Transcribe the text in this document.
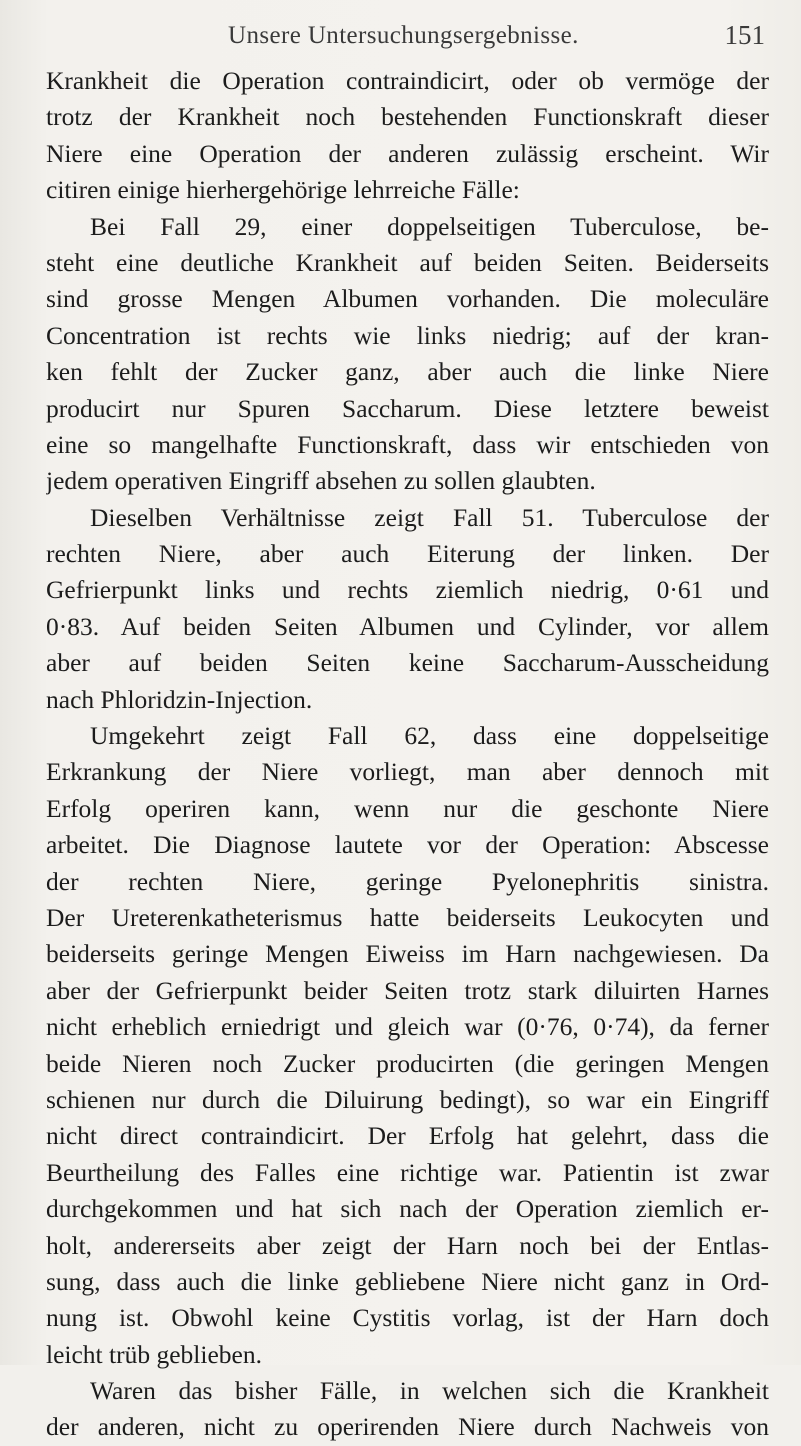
Unsere Untersuchungsergebnisse.	151
Krankheit die Operation contraindicirt, oder ob vermöge der
trotz der Krankheit noch bestehenden Functionskraft dieser
Niere eine Operation der anderen zulässig erscheint. Wir
citiren einige hierhergehörige lehrreiche Fälle:
Bei Fall 29, einer doppelseitigen Tuberculose, be-
steht eine deutliche Krankheit auf beiden Seiten. Beiderseits
sind grosse Mengen Albumen vorhanden. Die moleculäre
Concentration ist rechts wie links niedrig; auf der kran-
ken fehlt der Zucker ganz, aber auch die linke Niere
producirt nur Spuren Saccharum. Diese letztere beweist
eine so mangelhafte Functionskraft, dass wir entschieden von
jedem operativen Eingriff absehen zu sollen glaubten.
Dieselben Verhältnisse zeigt Fall 51. Tuberculose der
rechten Niere, aber auch Eiterung der linken. Der
Gefrierpunkt links und rechts ziemlich niedrig, 0·61 und
0·83. Auf beiden Seiten Albumen und Cylinder, vor allem
aber auf beiden Seiten keine Saccharum-Ausscheidung
nach Phloridzin-Injection.
Umgekehrt zeigt Fall 62, dass eine doppelseitige
Erkrankung der Niere vorliegt, man aber dennoch mit
Erfolg operiren kann, wenn nur die geschonte Niere
arbeitet. Die Diagnose lautete vor der Operation: Abscesse
der rechten Niere, geringe Pyelonephritis sinistra.
Der Ureterenkatheterismus hatte beiderseits Leukocyten und
beiderseits geringe Mengen Eiweiss im Harn nachgewiesen. Da
aber der Gefrierpunkt beider Seiten trotz stark diluirten Harnes
nicht erheblich erniedrigt und gleich war (0·76, 0·74), da ferner
beide Nieren noch Zucker producirten (die geringen Mengen
schienen nur durch die Diluirung bedingt), so war ein Eingriff
nicht direct contraindicirt. Der Erfolg hat gelehrt, dass die
Beurtheilung des Falles eine richtige war. Patientin ist zwar
durchgekommen und hat sich nach der Operation ziemlich er-
holt, andererseits aber zeigt der Harn noch bei der Entlas-
sung, dass auch die linke gebliebene Niere nicht ganz in Ord-
nung ist. Obwohl keine Cystitis vorlag, ist der Harn doch
leicht trüb geblieben.
Waren das bisher Fälle, in welchen sich die Krankheit
der anderen, nicht zu operirenden Niere durch Nachweis von
